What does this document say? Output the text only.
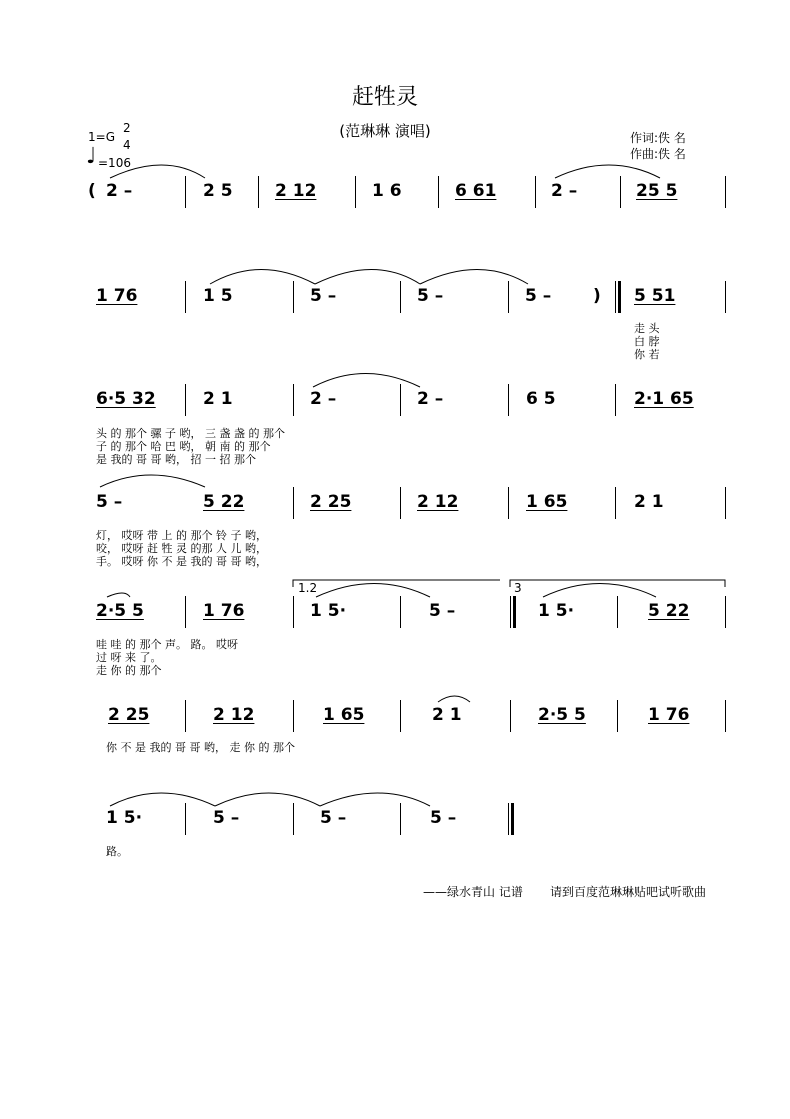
赶牲灵
(范琳琳 演唱)
1=G
2
4
♩ =106
作词:佚 名
作曲:佚 名
( 2 –	2 5 2 12	1 6	6 61	2 –	25 5
1 76	1 5	5 –	5 –	5 – ) 5 51
走 头
白 脖
你 若
6·5 32	2 1	2 –	2 –	6 5	2·1 65
头 的 那个 骡 子 哟， 三 盏 盏 的 那个
子 的 那个 哈 巴 哟， 朝 南 的 那个
是 我的 哥 哥 哟， 招 一 招 那个
5 –	5 22	2 25	2 12	1 65	2 1
灯， 哎呀 带 上 的 那个 铃 子 哟，
咬， 哎呀 赶 牲 灵 的那 人 儿 哟，
手。 哎呀 你 不 是 我的 哥 哥 哟，
1.2	3
2·5 5	1 76	1 5·	5 –	1 5·	5 22
哇 哇 的 那个 声。 路。 哎呀
过 呀 来 了。
走 你 的 那个
2 25	2 12	1 65	2 1	2·5 5	1 76
你 不 是 我的 哥 哥 哟， 走 你 的 那个
1 5·	5 –	5 –	5 –
路。
——绿水青山 记谱 请到百度范琳琳贴吧试听歌曲
